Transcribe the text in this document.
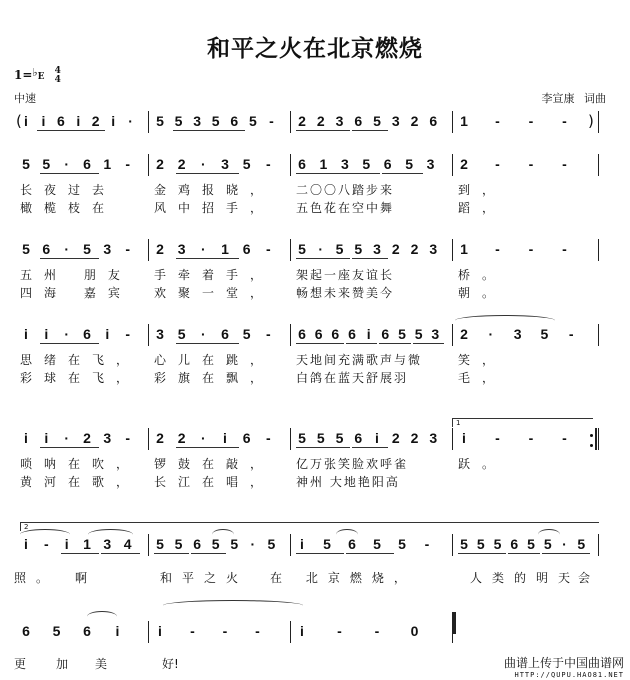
和平之火在北京燃烧
1=♭E 4
4
中速	李宣康 词曲
i i 6 i 2 i · 5 5 3 5 6 5 - 2 2 3 6 5 3 2 6 1 - - -
5 5 · 6 1 - 2 2 · 3 5 - 6 1 3 5 6 5 3 2 - - -
长夜过去	金鸡报晓， 二〇〇八踏步来	到，
橄榄枝在	风中招手， 五色花在空中舞	蹈，
5 6 · 5 3 - 2 3 · 1 6 - 5 · 5 5 3 2 2 3 1 - - -
五州 朋友 手牵着手， 架起一座友谊长	桥。
四海 嘉宾 欢聚一堂， 畅想未来赞美今	朝。
i i · 6 i - 3 5 · 6 5 - 6 6 6 6 i 6 5 5 3 2 · 3 5 -
思绪在飞， 心儿在跳， 天地间充满歌声与微	笑，
彩球在飞， 彩旗在飘， 白鸽在蓝天舒展羽	毛，
i i · 2 3 - 2 2 · i 6 - 5 5 5 6 i 2 2 3 i - - -
唢呐在吹， 锣鼓在敲， 亿万张笑脸欢呼雀	跃。
黄河在歌， 长江在唱， 神州 大地艳阳高
i - i 1 3 4 5 5 6 5 5 · 5 i 5 6 5 5 - 5 5 5 6 5 5 · 5
照。 啊	和平之火 在 北京燃烧，	人类的明天
会
6 5 6 i	i - - -	i - - 0
更 加 美	好!
(	)
1
2
曲谱上传于中国曲谱网
HTTP://QUPU.HAO81.NET
